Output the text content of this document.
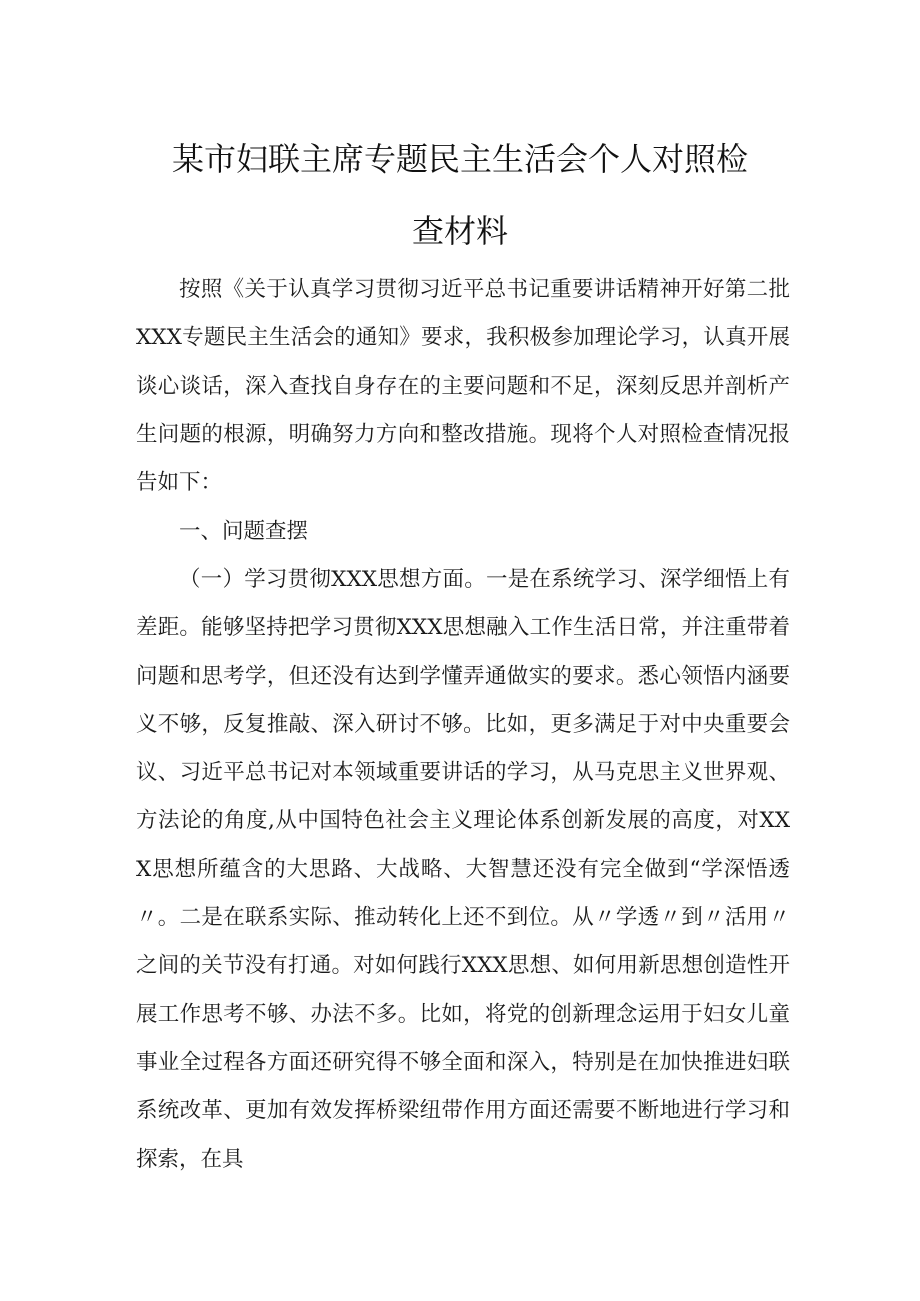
某市妇联主席专题民主生活会个人对照检
查材料

按照《关于认真学习贯彻习近平总书记重要讲话精神开好第二批XXX专题民主生活会的通知》要求，我积极参加理论学习，认真开展谈心谈话，深入查找自身存在的主要问题和不足，深刻反思并剖析产生问题的根源，明确努力方向和整改措施。现将个人对照检查情况报告如下：

一、问题查摆

（一）学习贯彻XXX思想方面。一是在系统学习、深学细悟上有差距。能够坚持把学习贯彻XXX思想融入工作生活日常，并注重带着问题和思考学，但还没有达到学懂弄通做实的要求。悉心领悟内涵要义不够，反复推敲、深入研讨不够。比如，更多满足于对中央重要会议、习近平总书记对本领域重要讲话的学习，从马克思主义世界观、方法论的角度,从中国特色社会主义理论体系创新发展的高度，对XXX思想所蕴含的大思路、大战略、大智慧还没有完全做到“学深悟透〃。二是在联系实际、推动转化上还不到位。从〃学透〃到〃活用〃之间的关节没有打通。对如何践行XXX思想、如何用新思想创造性开展工作思考不够、办法不多。比如，将党的创新理念运用于妇女儿童事业全过程各方面还研究得不够全面和深入，特别是在加快推进妇联系统改革、更加有效发挥桥梁纽带作用方面还需要不断地进行学习和探索，在具
